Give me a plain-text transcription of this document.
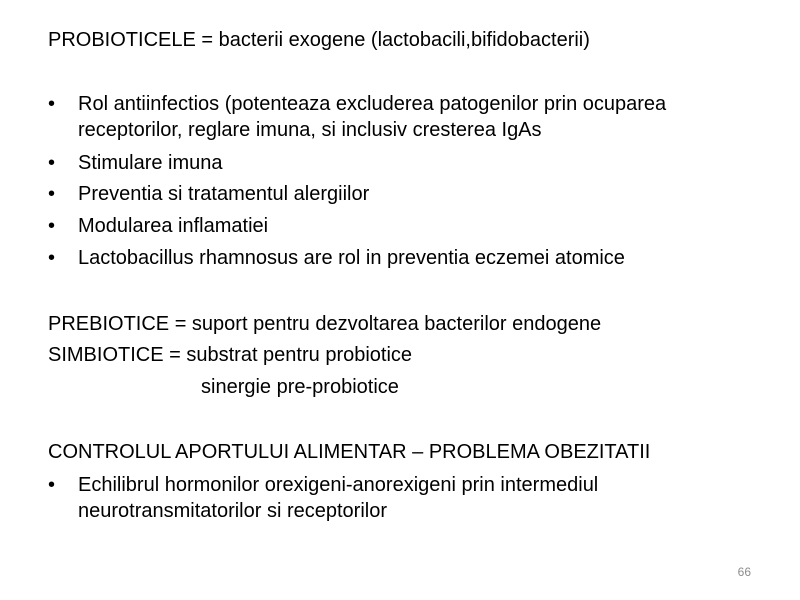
PROBIOTICELE = bacterii exogene (lactobacili,bifidobacterii)
•	Rol antiinfectios (potenteaza excluderea patogenilor prin ocuparea receptorilor, reglare imuna, si inclusiv cresterea IgAs
•	Stimulare imuna
•	Preventia si tratamentul alergiilor
•	Modularea inflamatiei
•	Lactobacillus rhamnosus are rol in preventia eczemei atomice
PREBIOTICE = suport pentru dezvoltarea bacterilor endogene
SIMBIOTICE = substrat pentru probiotice
sinergie pre-probiotice
CONTROLUL APORTULUI ALIMENTAR – PROBLEMA OBEZITATII
•	Echilibrul hormonilor orexigeni-anorexigeni prin intermediul neurotransmitatorilor si receptorilor
66
